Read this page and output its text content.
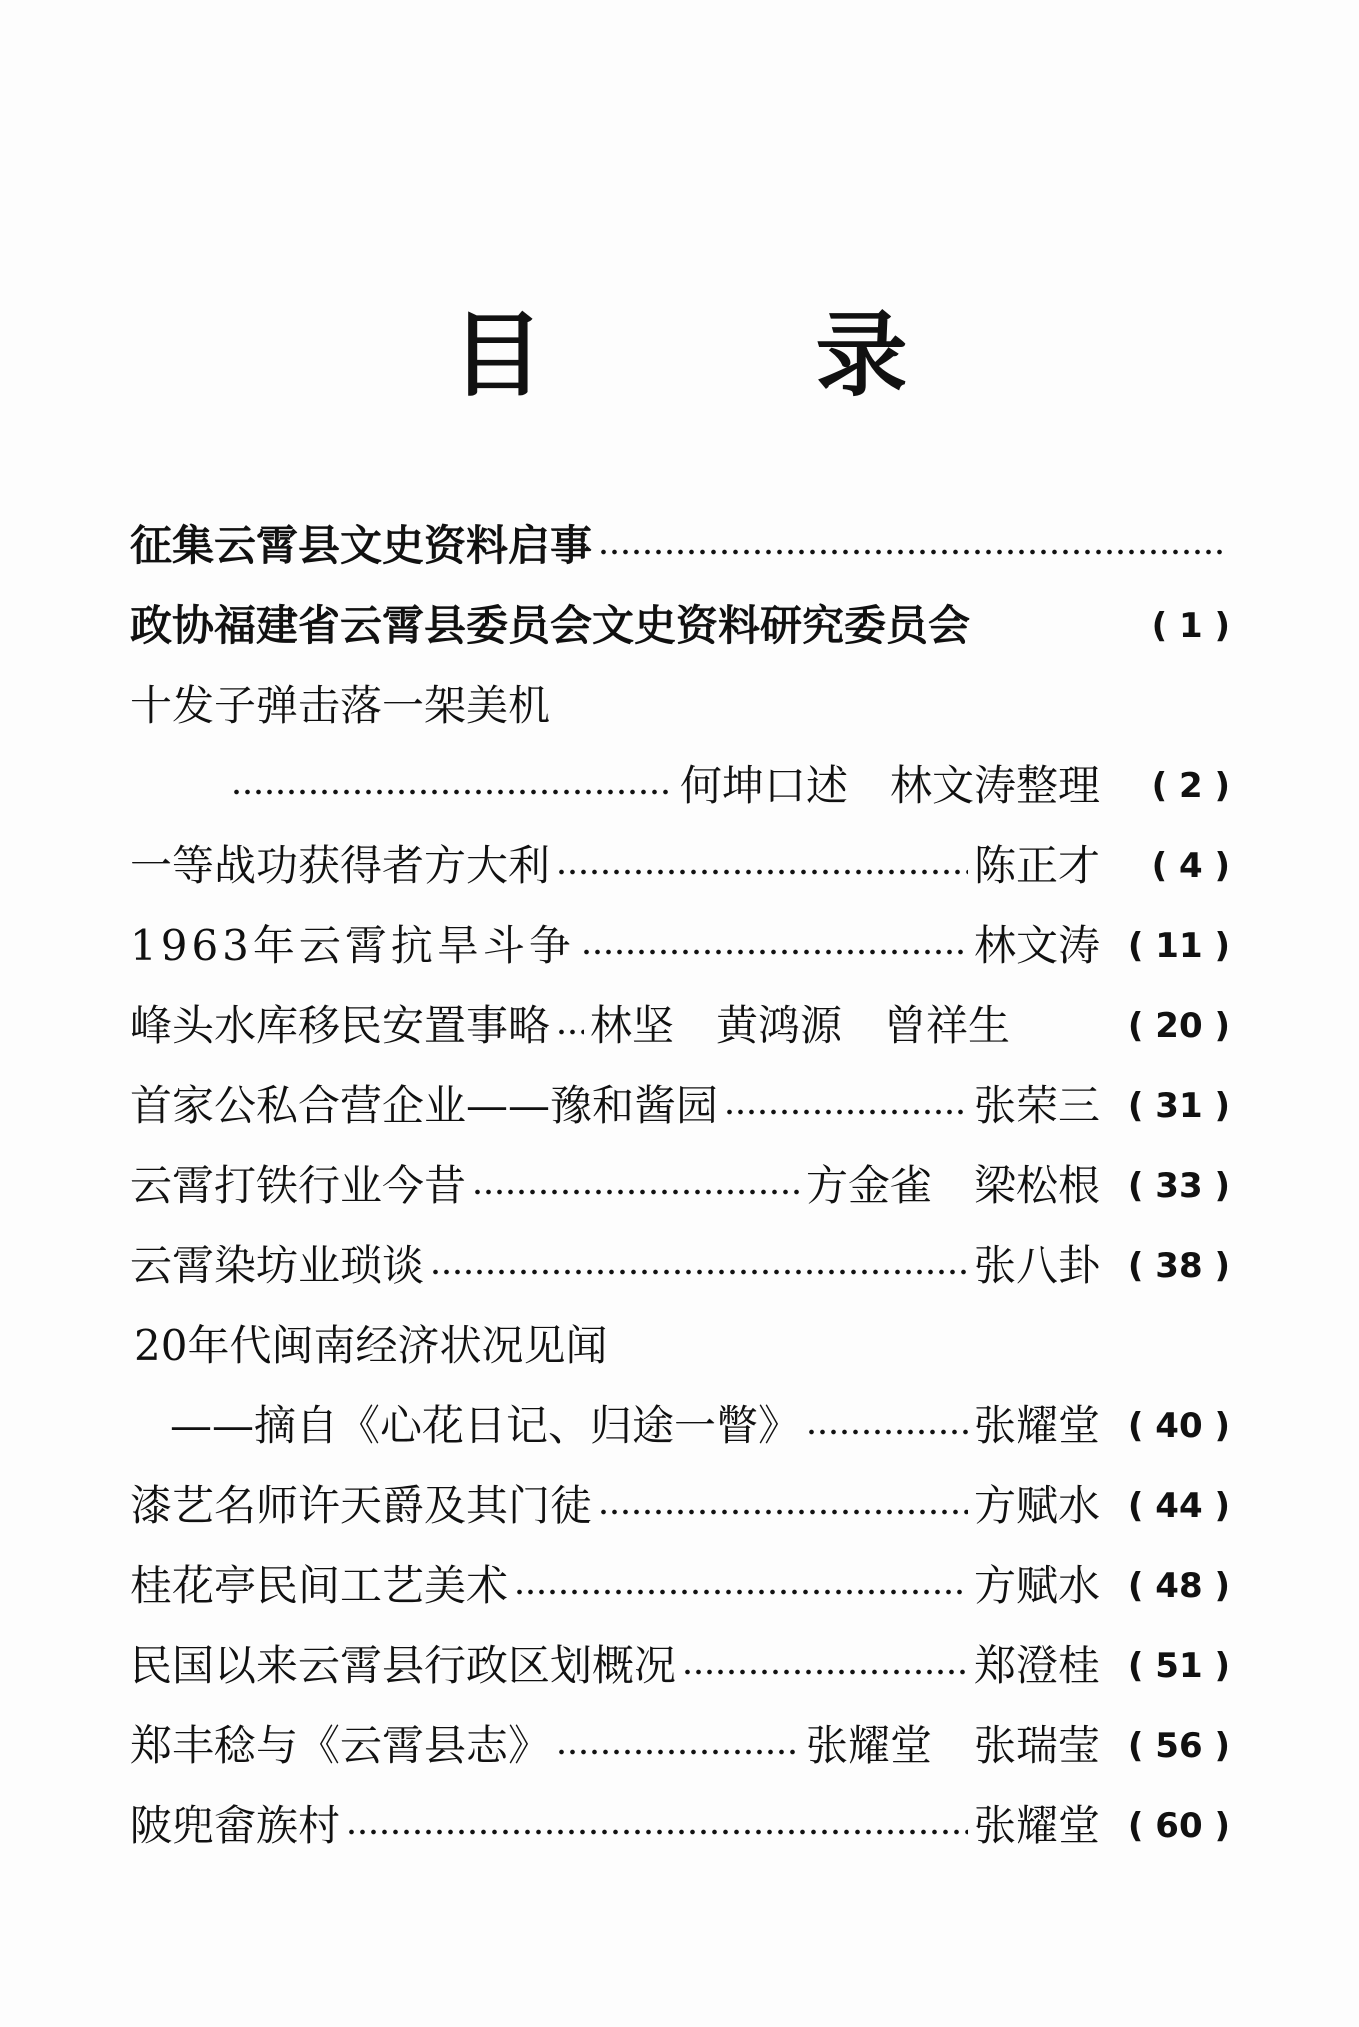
目 录
征集云霄县文史资料启事
政协福建省云霄县委员会文史资料研究委员会	( 1 )
十发子弹击落一架美机
何坤口述　林文涛整理	( 2 )
一等战功获得者方大利	陈正才	( 4 )
1963年云霄抗旱斗争	林文涛 ( 11 )
峰头水库移民安置事略 林坚　黄鸿源　曾祥生	( 20 )
首家公私合营企业——豫和酱园	张荣三 ( 31 )
云霄打铁行业今昔	方金雀　梁松根 ( 33 )
云霄染坊业琐谈	张八卦 ( 38 )
20年代闽南经济状况见闻
——摘自《心花日记、归途一瞥》	张耀堂 ( 40 )
漆艺名师许天爵及其门徒	方赋水 ( 44 )
桂花亭民间工艺美术	方赋水 ( 48 )
民国以来云霄县行政区划概况	郑澄桂 ( 51 )
郑丰稔与《云霄县志》	张耀堂　张瑞莹 ( 56 )
陂兜畲族村	张耀堂 ( 60 )
